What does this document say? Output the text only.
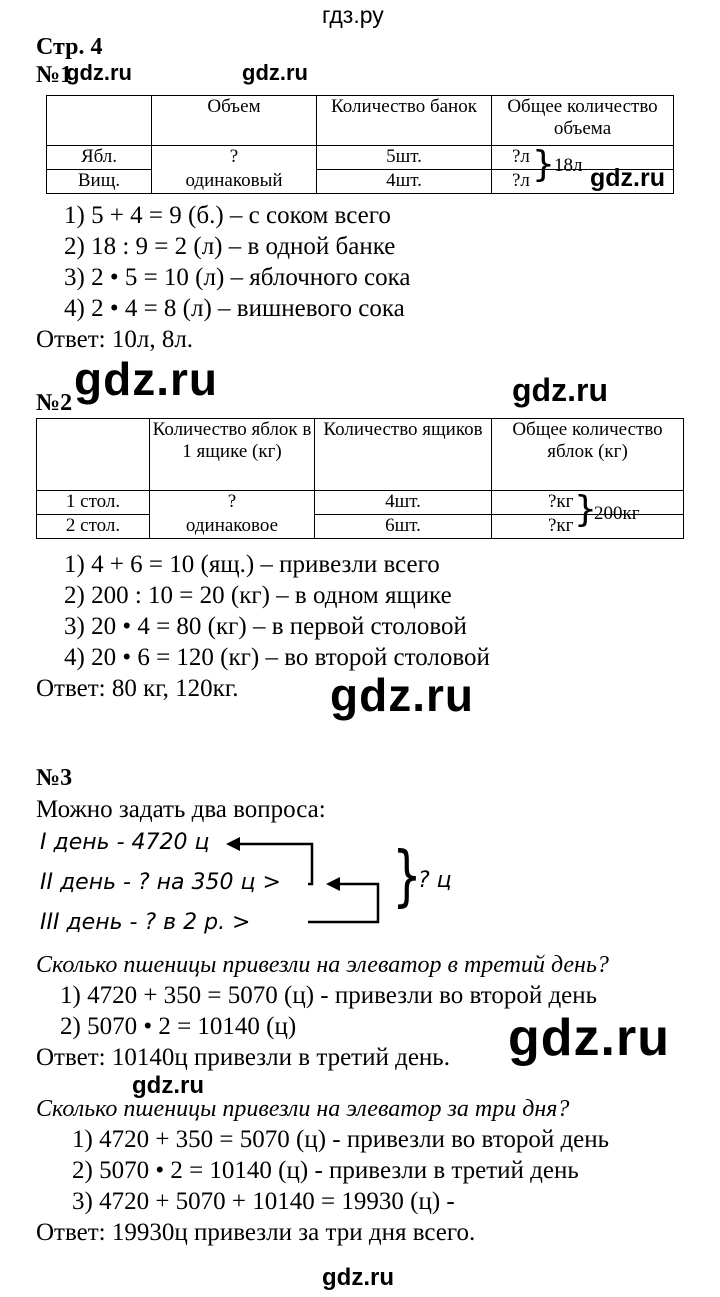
гдз.ру
Стр. 4
№1
gdz.ru	gdz.ru
	Объем	Количество банок	Общее количество объема
Ябл.	?	5шт.	?л
Вищ.	одинаковый	4шт.	?л } 18л gdz.ru
1) 5 + 4 = 9 (б.) – с соком всего
2) 18 : 9 = 2 (л) – в одной банке
3) 2 • 5 = 10 (л) – яблочного сока
4) 2 • 4 = 8 (л) – вишневого сока
Ответ: 10л, 8л.
№2 gdz.ru	gdz.ru
	Количество яблок в 1 ящике (кг)	Количество ящиков	Общее количество яблок (кг)
1 стол.	?	4шт.	?кг
2 стол.	одинаковое	6шт.	?кг }
200кг
1) 4 + 6 = 10 (ящ.) – привезли всего
2) 200 : 10 = 20 (кг) – в одном ящике
3) 20 • 4 = 80 (кг) – в первой столовой
4) 20 • 6 = 120 (кг) – во второй столовой
Ответ: 80 кг, 120кг. gdz.ru
№3
Можно задать два вопроса:
I день - 4720 ц
II день - ? на 350 ц >
III день - ? в 2 р. >
}
? ц
Сколько пшеницы привезли на элеватор в третий день?
1) 4720 + 350 = 5070 (ц) - привезли во второй день
2) 5070 • 2 = 10140 (ц)
Ответ: 10140ц привезли в третий день. gdz.ru
gdz.ru
Сколько пшеницы привезли на элеватор за три дня?
1) 4720 + 350 = 5070 (ц) - привезли во второй день
2) 5070 • 2 = 10140 (ц) - привезли в третий день
3) 4720 + 5070 + 10140 = 19930 (ц) -
Ответ: 19930ц привезли за три дня всего.
gdz.ru
